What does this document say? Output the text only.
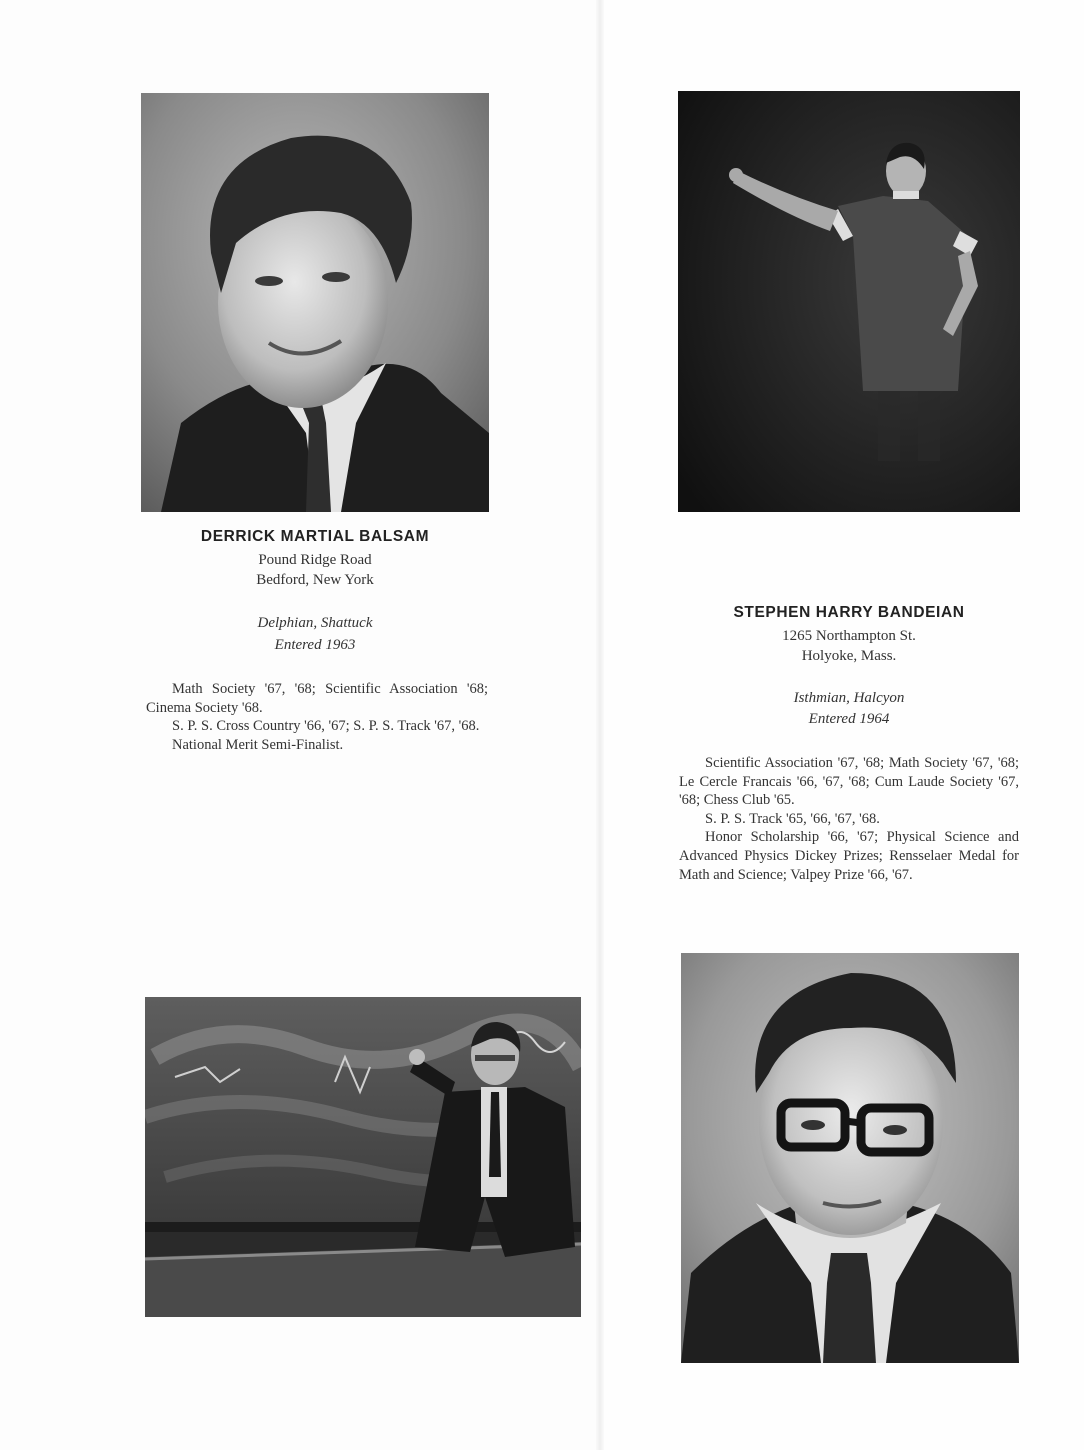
DERRICK MARTIAL BALSAM
Pound Ridge Road
Bedford, New York
Delphian, Shattuck
Entered 1963

Math Society '67, '68; Scientific Association '68; Cinema Society '68.

S. P. S. Cross Country '66, '67; S. P. S. Track '67, '68.

National Merit Semi-Finalist.

STEPHEN HARRY BANDEIAN
1265 Northampton St.
Holyoke, Mass.
Isthmian, Halcyon
Entered 1964

Scientific Association '67, '68; Math Society '67, '68; Le Cercle Francais '66, '67, '68; Cum Laude Society '67, '68; Chess Club '65.

S. P. S. Track '65, '66, '67, '68.

Honor Scholarship '66, '67; Physical Science and Advanced Physics Dickey Prizes; Rensselaer Medal for Math and Science; Valpey Prize '66, '67.
